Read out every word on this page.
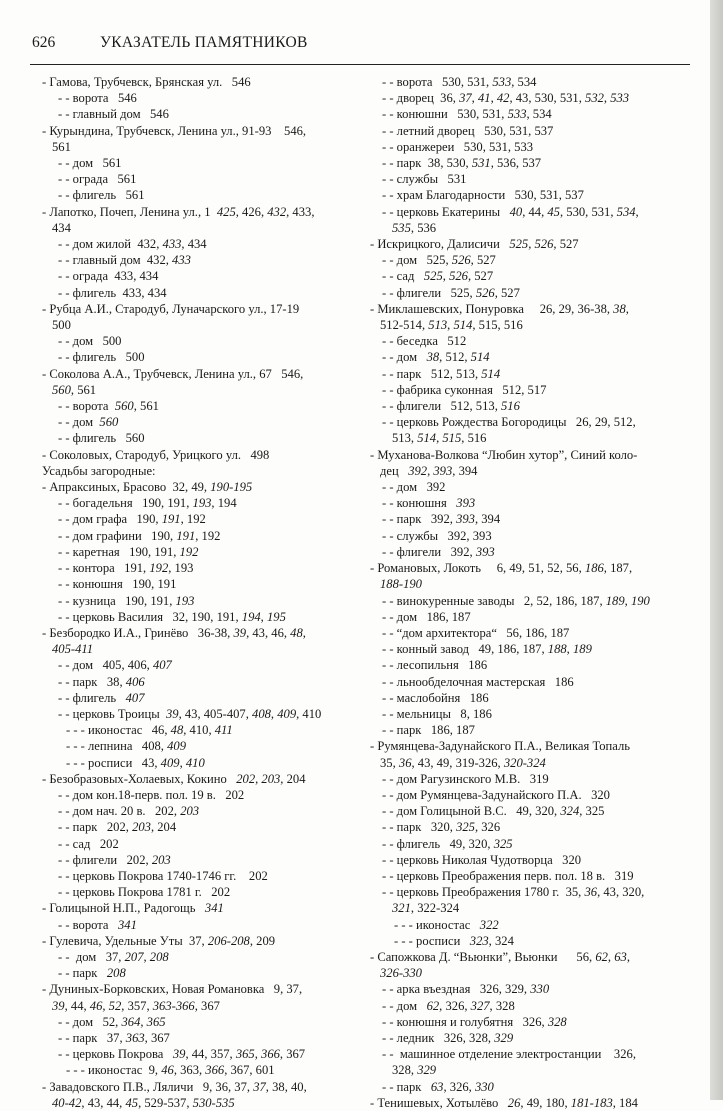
626	УКАЗАТЕЛЬ ПАМЯТНИКОВ
- Гамова, Трубчевск, Брянская ул.   546
- - ворота   546
- - главный дом   546
- Курындина, Трубчевск, Ленина ул., 91-93    546,
561
- - дом   561
- - ограда   561
- - флигель   561
- Лапотко, Почеп, Ленина ул., 1  425, 426, 432, 433,
434
- - дом жилой  432, 433, 434
- - главный дом  432, 433
- - ограда  433, 434
- - флигель  433, 434
- Рубца А.И., Стародуб, Луначарского ул., 17-19
500
- - дом   500
- - флигель   500
- Соколова А.А., Трубчевск, Ленина ул., 67   546,
560, 561
- - ворота  560, 561
- - дом  560
- - флигель   560
- Соколовых, Стародуб, Урицкого ул.   498
Усадьбы загородные:
- Апраксиных, Брасово  32, 49, 190-195
- - богадельня   190, 191, 193, 194
- - дом графа   190, 191, 192
- - дом графини   190, 191, 192
- - каретная   190, 191, 192
- - контора   191, 192, 193
- - конюшня   190, 191
- - кузница   190, 191, 193
- - церковь Василия   32, 190, 191, 194, 195
- Безбородко И.А., Гринёво   36-38, 39, 43, 46, 48,
405-411
- - дом   405, 406, 407
- - парк   38, 406
- - флигель   407
- - церковь Троицы  39, 43, 405-407, 408, 409, 410
- - - иконостас   46, 48, 410, 411
- - - лепнина   408, 409
- - - росписи   43, 409, 410
- Безобразовых-Холаевых, Кокино   202, 203, 204
- - дом кон.18-перв. пол. 19 в.   202
- - дом нач. 20 в.   202, 203
- - парк   202, 203, 204
- - сад   202
- - флигели   202, 203
- - церковь Покрова 1740-1746 гг.    202
- - церковь Покрова 1781 г.   202
- Голицыной Н.П., Радогощь   341
- - ворота   341
- Гулевича, Удельные Уты  37, 206-208, 209
- -  дом   37, 207, 208
- - парк   208
- Дуниных-Борковских, Новая Романовка   9, 37,
39, 44, 46, 52, 357, 363-366, 367
- - дом   52, 364, 365
- - парк   37, 363, 367
- - церковь Покрова   39, 44, 357, 365, 366, 367
- - - иконостас  9, 46, 363, 366, 367, 601
- Завадовского П.В., Ляличи   9, 36, 37, 37, 38, 40,
40-42, 43, 44, 45, 529-537, 530-535
- - ворота   530, 531, 533, 534
- - дворец  36, 37, 41, 42, 43, 530, 531, 532, 533
- - конюшни   530, 531, 533, 534
- - летний дворец   530, 531, 537
- - оранжереи   530, 531, 533
- - парк  38, 530, 531, 536, 537
- - службы   531
- - храм Благодарности   530, 531, 537
- - церковь Екатерины   40, 44, 45, 530, 531, 534,
535, 536
- Искрицкого, Далисичи   525, 526, 527
- - дом   525, 526, 527
- - сад   525, 526, 527
- - флигели   525, 526, 527
- Миклашевских, Понуровка     26, 29, 36-38, 38,
512-514, 513, 514, 515, 516
- - беседка   512
- - дом   38, 512, 514
- - парк   512, 513, 514
- - фабрика суконная   512, 517
- - флигели   512, 513, 516
- - церковь Рождества Богородицы   26, 29, 512,
513, 514, 515, 516
- Муханова-Волкова “Любин хутор”, Синий коло-
дец   392, 393, 394
- - дом   392
- - конюшня   393
- - парк   392, 393, 394
- - службы   392, 393
- - флигели   392, 393
- Романовых, Локоть     6, 49, 51, 52, 56, 186, 187,
188-190
- - винокуренные заводы   2, 52, 186, 187, 189, 190
- - дом   186, 187
- - “дом архитектора“   56, 186, 187
- - конный завод   49, 186, 187, 188, 189
- - лесопильня   186
- - льнообделочная мастерская   186
- - маслобойня   186
- - мельницы   8, 186
- - парк   186, 187
- Румянцева-Задунайского П.А., Великая Топаль
35, 36, 43, 49, 319-326, 320-324
- - дом Рагузинского М.В.   319
- - дом Румянцева-Задунайского П.А.   320
- - дом Голицыной В.С.   49, 320, 324, 325
- - парк   320, 325, 326
- - флигель   49, 320, 325
- - церковь Николая Чудотворца   320
- - церковь Преображения перв. пол. 18 в.   319
- - церковь Преображения 1780 г.  35, 36, 43, 320,
321, 322-324
- - - иконостас   322
- - - росписи   323, 324
- Сапожкова Д. “Вьюнки”, Вьюнки      56, 62, 63,
326-330
- - арка въездная   326, 329, 330
- - дом   62, 326, 327, 328
- - конюшня и голубятня   326, 328
- - ледник   326, 328, 329
- -  машинное отделение электростанции    326,
328, 329
- - парк   63, 326, 330
- Тенишевых, Хотылёво   26, 49, 180, 181-183, 184
